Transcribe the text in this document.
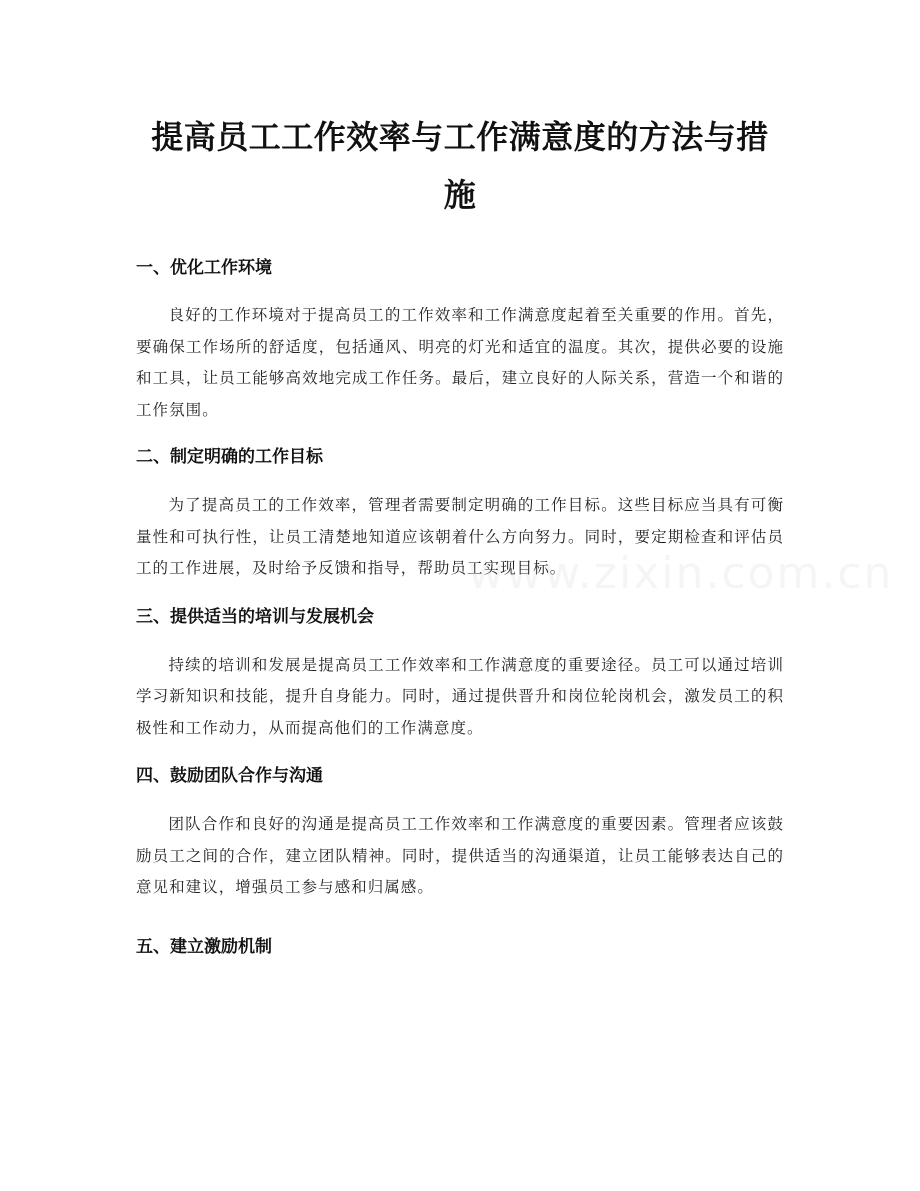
提高员工工作效率与工作满意度的方法与措施
一、优化工作环境

良好的工作环境对于提高员工的工作效率和工作满意度起着至关重要的作用。首先，要确保工作场所的舒适度，包括通风、明亮的灯光和适宜的温度。其次，提供必要的设施和工具，让员工能够高效地完成工作任务。最后，建立良好的人际关系，营造一个和谐的工作氛围。

二、制定明确的工作目标

为了提高员工的工作效率，管理者需要制定明确的工作目标。这些目标应当具有可衡量性和可执行性，让员工清楚地知道应该朝着什么方向努力。同时，要定期检查和评估员工的工作进展，及时给予反馈和指导，帮助员工实现目标。

三、提供适当的培训与发展机会

持续的培训和发展是提高员工工作效率和工作满意度的重要途径。员工可以通过培训学习新知识和技能，提升自身能力。同时，通过提供晋升和岗位轮岗机会，激发员工的积极性和工作动力，从而提高他们的工作满意度。

四、鼓励团队合作与沟通

团队合作和良好的沟通是提高员工工作效率和工作满意度的重要因素。管理者应该鼓励员工之间的合作，建立团队精神。同时，提供适当的沟通渠道，让员工能够表达自己的意见和建议，增强员工参与感和归属感。

五、建立激励机制
www.zixin.com.cn
